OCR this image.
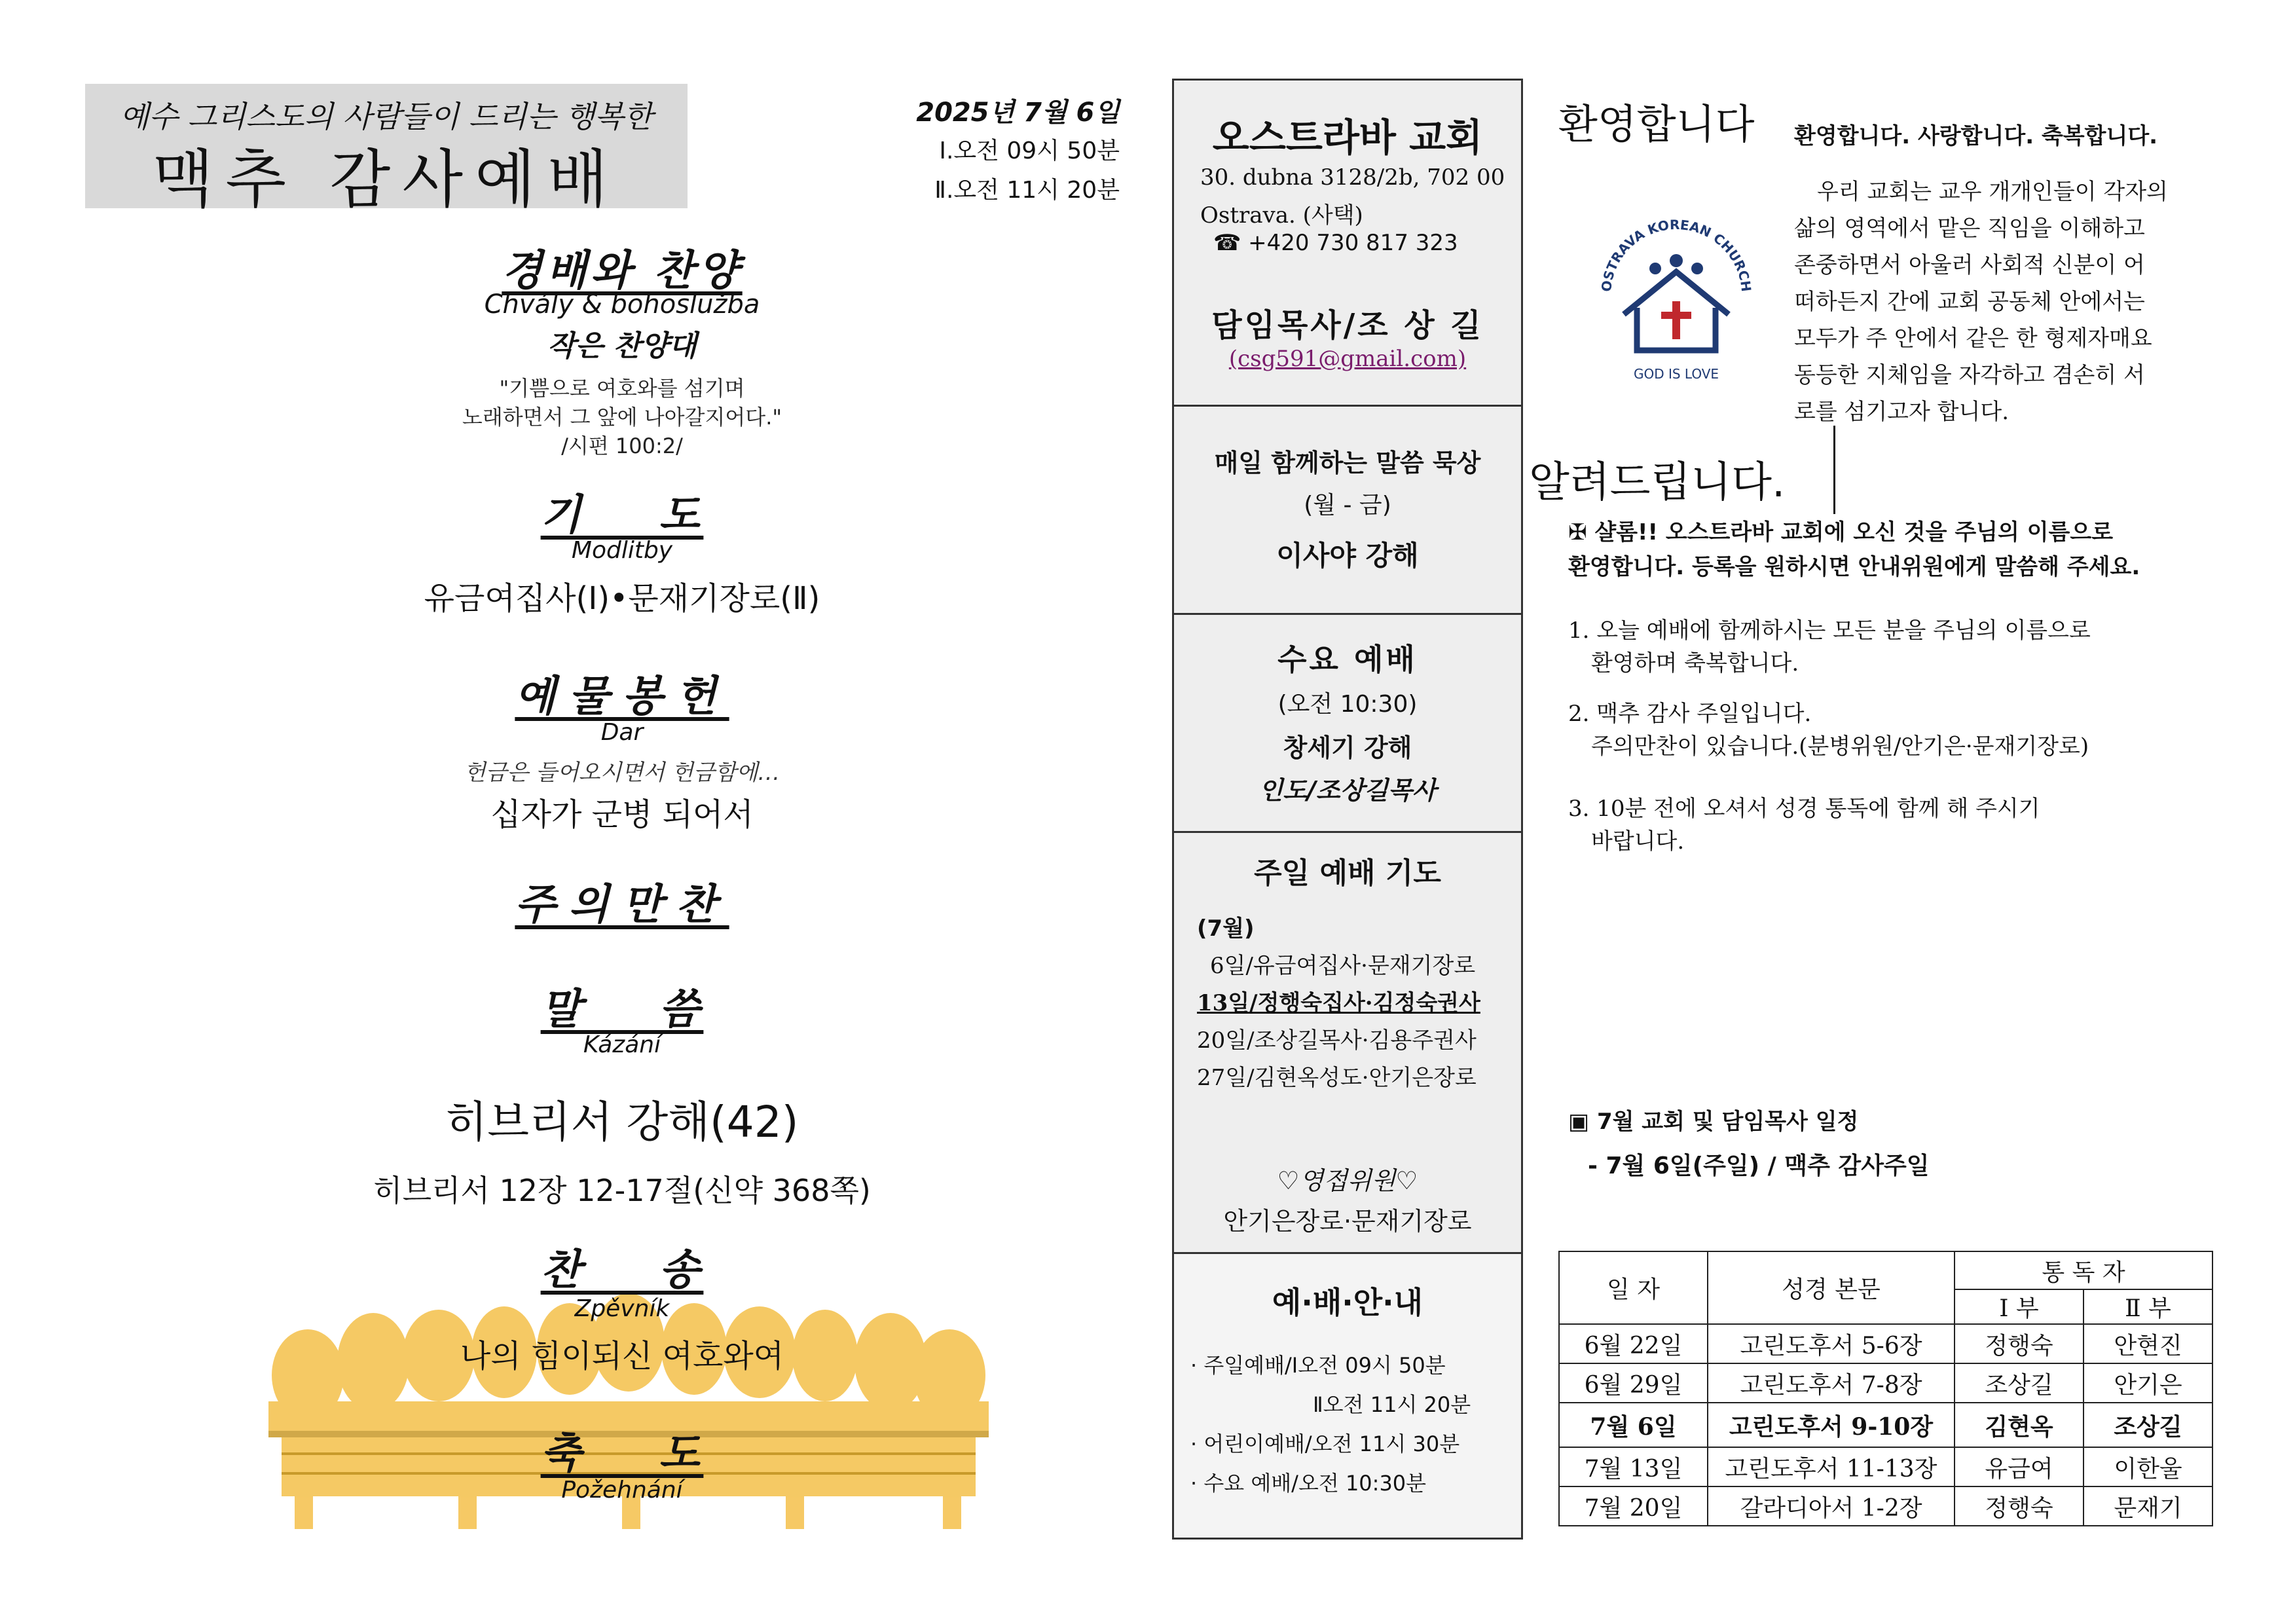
예수 그리스도의 사람들이 드리는 행복한
맥추 감사예배
2025년 7월 6일
Ⅰ.오전 09시 50분
Ⅱ.오전 11시 20분
경배와 찬양
Chvály & bohoslužba
작은 찬양대
"기쁨으로 여호와를 섬기며
노래하면서 그 앞에 나아갈지어다."
/시편 100:2/
기    도
Modlitby
유금여집사(Ⅰ)•문재기장로(Ⅱ)
예물봉헌
Dar
헌금은 들어오시면서 헌금함에…
십자가 군병 되어서
주의만찬
말    씀
Kázání
히브리서 강해(42)
히브리서 12장 12-17절(신약 368쪽)
찬    송
Zpěvník
나의 힘이되신 여호와여
축    도
Požehnání
오스트라바 교회
30. dubna 3128/2b, 702 00
Ostrava. (사택)
☎ +420 730 817 323
담임목사/조 상 길
(csg591@gmail.com)
매일 함께하는 말씀 묵상
(월 - 금)
이사야 강해
수요 예배
(오전 10:30)
창세기 강해
인도/조상길목사
주일 예배 기도
(7월)
6일/유금여집사·문재기장로
13일/정행숙집사·김정숙권사
20일/조상길목사·김용주권사
27일/김현옥성도·안기은장로
♡영접위원♡
안기은장로·문재기장로
예·배·안·내
· 주일예배/Ⅰ오전 09시 50분
Ⅱ오전 11시 20분
· 어린이예배/오전 11시 30분
· 수요 예배/오전 10:30분
환영합니다 환영합니다. 사랑합니다. 축복합니다.
우리 교회는 교우 개개인들이 각자의
삶의 영역에서 맡은 직임을 이해하고
존중하면서 아울러 사회적 신분이 어
떠하든지 간에 교회 공동체 안에서는
모두가 주 안에서 같은 한 형제자매요
동등한 지체임을 자각하고 겸손히 서
로를 섬기고자 합니다.
OSTRAVA KOREAN CHURCH
GOD IS LOVE
알려드립니다.
✠ 샬롬!! 오스트라바 교회에 오신 것을 주님의 이름으로
환영합니다. 등록을 원하시면 안내위원에게 말씀해 주세요.
1. 오늘 예배에 함께하시는 모든 분을 주님의 이름으로
환영하며 축복합니다.
2. 맥추 감사 주일입니다.
주의만찬이 있습니다.(분병위원/안기은·문재기장로)
3. 10분 전에 오셔서 성경 통독에 함께 해 주시기
바랍니다.
▣ 7월 교회 및 담임목사 일정
- 7월 6일(주일) / 맥추 감사주일
일 자	성경 본문	통 독 자	
		Ⅰ 부	Ⅱ 부
6월 22일	고린도후서 5-6장	정행숙	안현진
6월 29일	고린도후서 7-8장	조상길	안기은
7월 6일	고린도후서 9-10장	김현옥	조상길
7월 13일	고린도후서 11-13장	유금여	이한울
7월 20일	갈라디아서 1-2장	정행숙	문재기
